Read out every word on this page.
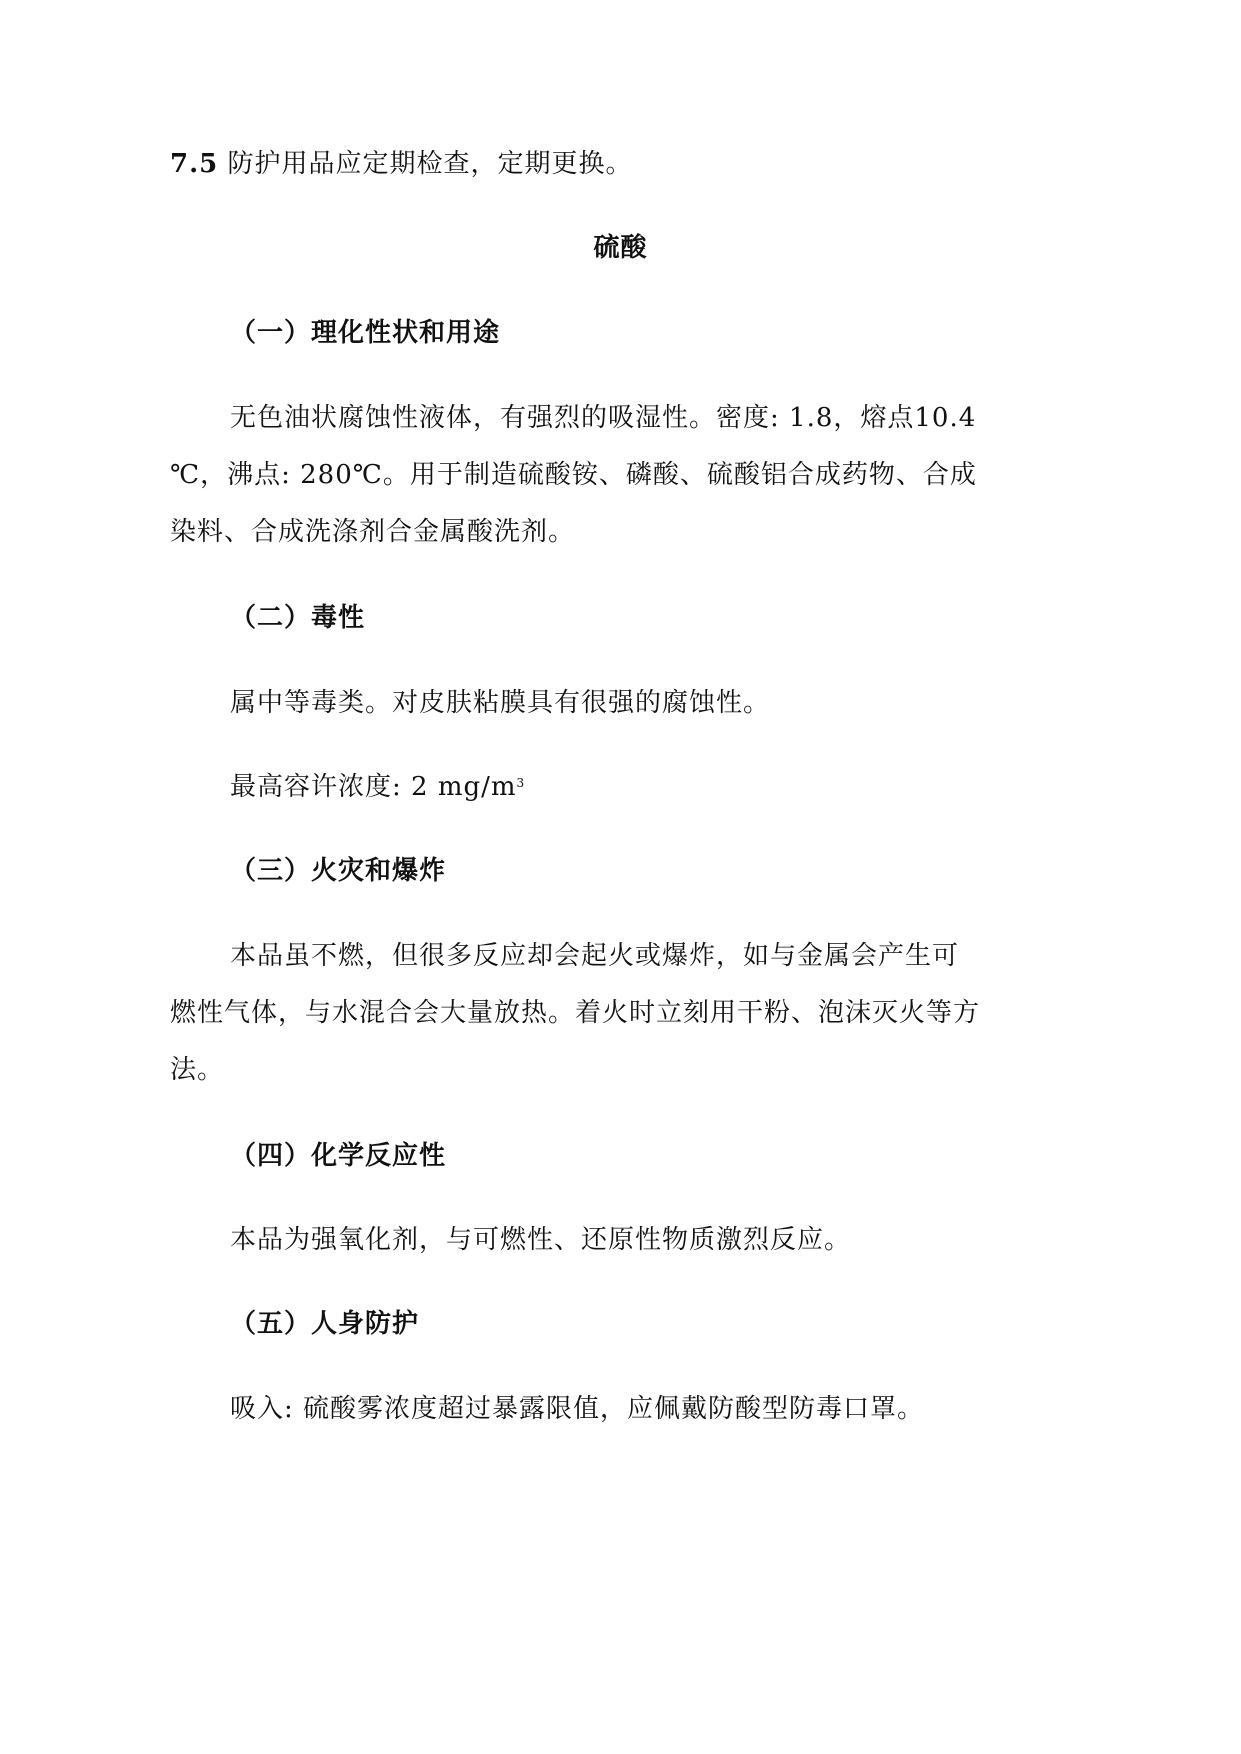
7.5 防护用品应定期检查，定期更换。

硫酸

（一）理化性状和用途

无色油状腐蚀性液体，有强烈的吸湿性。密度: 1.8，熔点10.4

℃，沸点: 280℃。用于制造硫酸铵、磷酸、硫酸铝合成药物、合成

染料、合成洗涤剂合金属酸洗剂。

（二）毒性

属中等毒类。对皮肤粘膜具有很强的腐蚀性。

最高容许浓度: 2 $mg/m^3$

（三）火灾和爆炸

本品虽不燃，但很多反应却会起火或爆炸，如与金属会产生可

燃性气体，与水混合会大量放热。着火时立刻用干粉、泡沫灭火等方

法。

（四）化学反应性

本品为强氧化剂，与可燃性、还原性物质激烈反应。

（五）人身防护

吸入: 硫酸雾浓度超过暴露限值，应佩戴防酸型防毒口罩。
